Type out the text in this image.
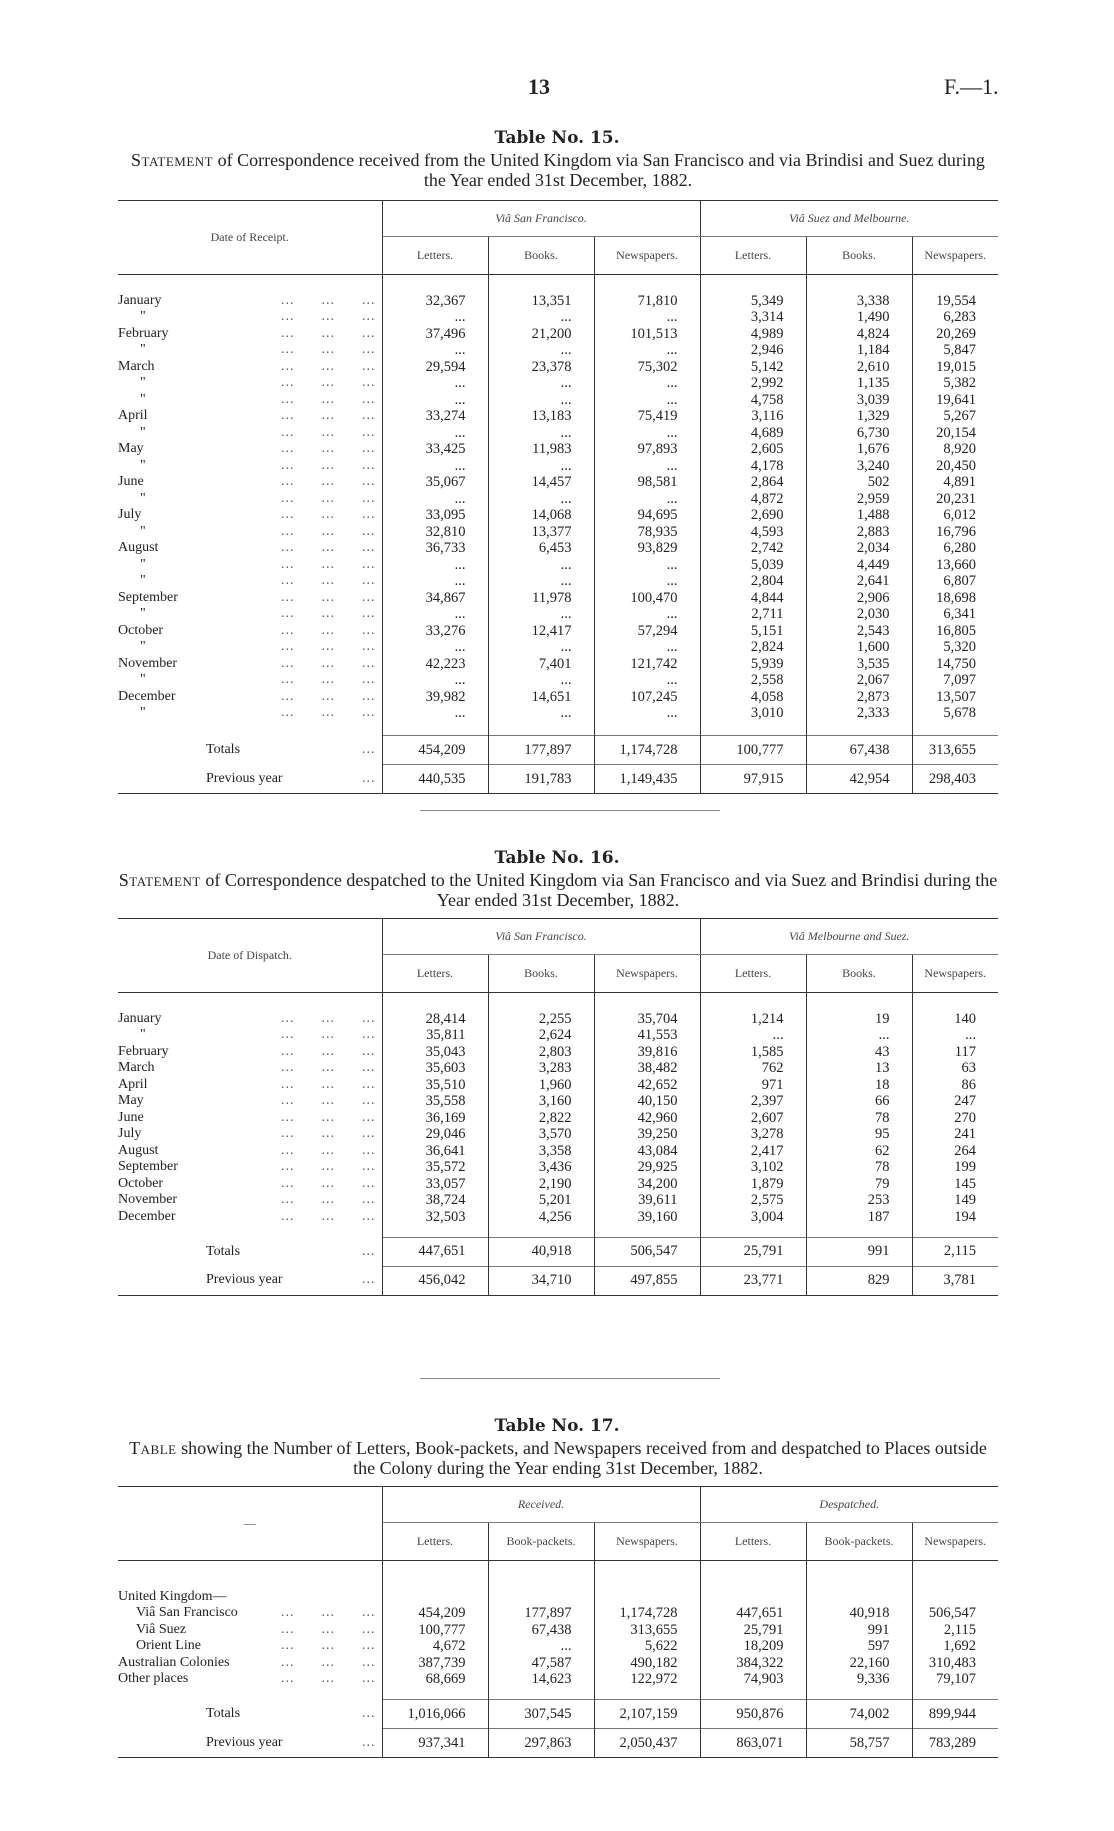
13	F.—1.
Table No. 15.
Statement of Correspondence received from the United Kingdom via San Francisco and via Brindisi and Suez during the Year ended 31st December, 1882.
Date of Receipt.	Viâ San Francisco.			Viâ Suez and Melbourne.		
	Letters.	Books.	Newspapers.	Letters.	Books.	Newspapers.

January ...      ...      ...	32,367	13,351	71,810	5,349	3,338	19,554
" ...      ...      ...	...	...	...	3,314	1,490	6,283
February ...      ...      ...	37,496	21,200	101,513	4,989	4,824	20,269
" ...      ...      ...	...	...	...	2,946	1,184	5,847
March ...      ...      ...	29,594	23,378	75,302	5,142	2,610	19,015
" ...      ...      ...	...	...	...	2,992	1,135	5,382
" ...      ...      ...	...	...	...	4,758	3,039	19,641
April ...      ...      ...	33,274	13,183	75,419	3,116	1,329	5,267
" ...      ...      ...	...	...	...	4,689	6,730	20,154
May ...      ...      ...	33,425	11,983	97,893	2,605	1,676	8,920
" ...      ...      ...	...	...	...	4,178	3,240	20,450
June ...      ...      ...	35,067	14,457	98,581	2,864	502	4,891
" ...      ...      ...	...	...	...	4,872	2,959	20,231
July ...      ...      ...	33,095	14,068	94,695	2,690	1,488	6,012
" ...      ...      ...	32,810	13,377	78,935	4,593	2,883	16,796
August ...      ...      ...	36,733	6,453	93,829	2,742	2,034	6,280
" ...      ...      ...	...	...	...	5,039	4,449	13,660
" ...      ...      ...	...	...	...	2,804	2,641	6,807
September ...      ...      ...	34,867	11,978	100,470	4,844	2,906	18,698
" ...      ...      ...	...	...	...	2,711	2,030	6,341
October ...      ...      ...	33,276	12,417	57,294	5,151	2,543	16,805
" ...      ...      ...	...	...	...	2,824	1,600	5,320
November ...      ...      ...	42,223	7,401	121,742	5,939	3,535	14,750
" ...      ...      ...	...	...	...	2,558	2,067	7,097
December ...      ...      ...	39,982	14,651	107,245	4,058	2,873	13,507
" ...      ...      ...	...	...	...	3,010	2,333	5,678

Totals ...	454,209	177,897	1,174,728	100,777	67,438	313,655
Previous year ...	440,535	191,783	1,149,435	97,915	42,954	298,403

Table No. 16.
Statement of Correspondence despatched to the United Kingdom via San Francisco and via Suez and Brindisi during the Year ended 31st December, 1882.
Date of Dispatch.	Viâ San Francisco.			Viâ Melbourne and Suez.		
	Letters.	Books.	Newspapers.	Letters.	Books.	Newspapers.

January ...      ...      ...	28,414	2,255	35,704	1,214	19	140
" ...      ...      ...	35,811	2,624	41,553	...	...	...
February ...      ...      ...	35,043	2,803	39,816	1,585	43	117
March ...      ...      ...	35,603	3,283	38,482	762	13	63
April ...      ...      ...	35,510	1,960	42,652	971	18	86
May ...      ...      ...	35,558	3,160	40,150	2,397	66	247
June ...      ...      ...	36,169	2,822	42,960	2,607	78	270
July ...      ...      ...	29,046	3,570	39,250	3,278	95	241
August ...      ...      ...	36,641	3,358	43,084	2,417	62	264
September ...      ...      ...	35,572	3,436	29,925	3,102	78	199
October ...      ...      ...	33,057	2,190	34,200	1,879	79	145
November ...      ...      ...	38,724	5,201	39,611	2,575	253	149
December ...      ...      ...	32,503	4,256	39,160	3,004	187	194

Totals ...	447,651	40,918	506,547	25,791	991	2,115
Previous year ...	456,042	34,710	497,855	23,771	829	3,781

Table No. 17.
Table showing the Number of Letters, Book-packets, and Newspapers received from and despatched to Places outside the Colony during the Year ending 31st December, 1882.
—	Received.			Despatched.		
	Letters.	Book-packets.	Newspapers.	Letters.	Book-packets.	Newspapers.

United Kingdom—						
Viâ San Francisco ...      ...      ...	454,209	177,897	1,174,728	447,651	40,918	506,547
Viâ Suez ...      ...      ...	100,777	67,438	313,655	25,791	991	2,115
Orient Line ...      ...      ...	4,672	...	5,622	18,209	597	1,692
Australian Colonies ...      ...      ...	387,739	47,587	490,182	384,322	22,160	310,483
Other places ...      ...      ...	68,669	14,623	122,972	74,903	9,336	79,107

Totals ...	1,016,066	307,545	2,107,159	950,876	74,002	899,944
Previous year ...	937,341	297,863	2,050,437	863,071	58,757	783,289
